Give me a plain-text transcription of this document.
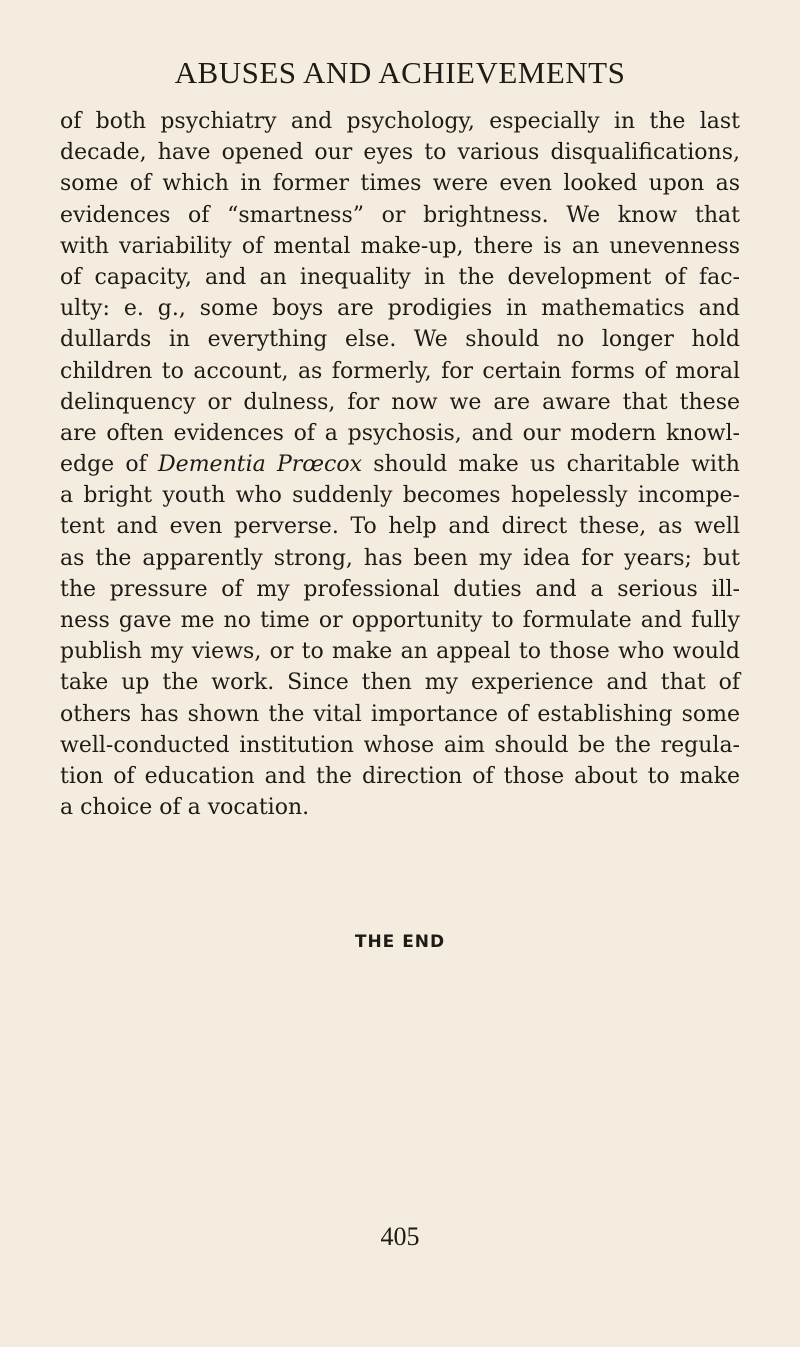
ABUSES AND ACHIEVEMENTS
of both psychiatry and psychology, especially in the last
decade, have opened our eyes to various disqualifications,
some of which in former times were even looked upon as
evidences of “smartness” or brightness. We know that
with variability of mental make-up, there is an unevenness
of capacity, and an inequality in the development of fac-
ulty: e. g., some boys are prodigies in mathematics and
dullards in everything else. We should no longer hold
children to account, as formerly, for certain forms of moral
delinquency or dulness, for now we are aware that these
are often evidences of a psychosis, and our modern knowl-
edge of Dementia Prœcox should make us charitable with
a bright youth who suddenly becomes hopelessly incompe-
tent and even perverse. To help and direct these, as well
as the apparently strong, has been my idea for years; but
the pressure of my professional duties and a serious ill-
ness gave me no time or opportunity to formulate and fully
publish my views, or to make an appeal to those who would
take up the work. Since then my experience and that of
others has shown the vital importance of establishing some
well-conducted institution whose aim should be the regula-
tion of education and the direction of those about to make
a choice of a vocation.
THE END
405
